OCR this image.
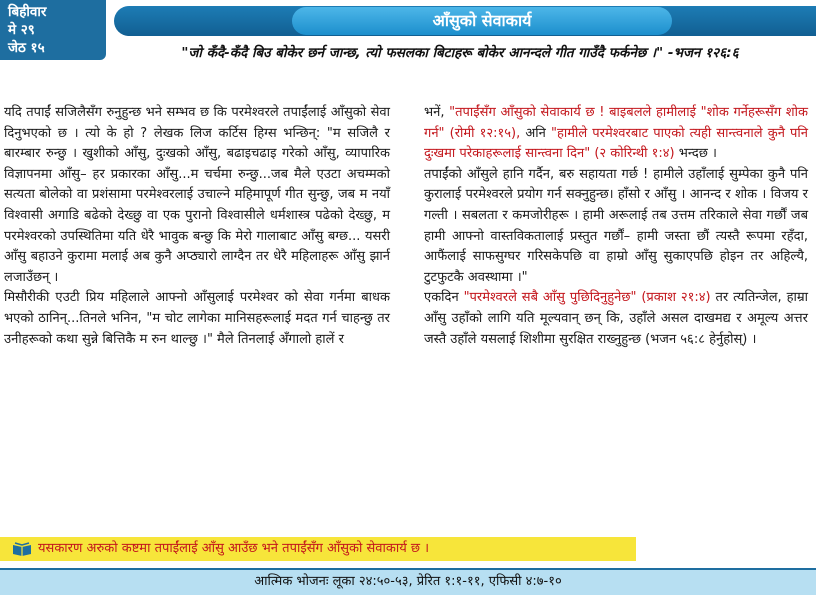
बिहीवार
मे २९
जेठ १५
आँसुको सेवाकार्य
"जो कँदै-कँदै बिउ बोकेर छर्न जान्छ, त्यो फसलका बिटाहरू बोकेर आनन्दले गीत गाउँदै फर्कनेछ ।" -भजन १२६:६

यदि तपाईं सजिलैसँग रुनुहुन्छ भने सम्भव छ कि परमेश्वरले तपाईंलाई आँसुको सेवा दिनुभएको छ । त्यो के हो ? लेखक लिज कर्टिस हिग्स भन्छिन्: "म सजिलै र बारम्बार रुन्छु । खुशीको आँसु, दुःखको आँसु, बढाइचढाइ गरेको आँसु, व्यापारिक विज्ञापनमा आँसु– हर प्रकारका आँसु...म चर्चमा रुन्छु...जब मैले एउटा अचम्मको सत्यता बोलेको वा प्रशंसामा परमेश्वरलाई उचाल्ने महिमापूर्ण गीत सुन्छु, जब म नयाँ विश्वासी अगाडि बढेको देख्छु वा एक पुरानो विश्वासीले धर्मशास्त्र पढेको देख्छु, म परमेश्वरको उपस्थितिमा यति धेरै भावुक बन्छु कि मेरो गालाबाट आँसु बग्छ... यसरी आँसु बहाउने कुरामा मलाई अब कुनै अप्ठ्यारो लाग्दैन तर धेरै महिलाहरू आँसु झार्न लजाउँछन् ।

मिसौरीकी एउटी प्रिय महिलाले आफ्नो आँसुलाई परमेश्वर को सेवा गर्नमा बाधक भएको ठानिन्...तिनले भनिन, "म चोट लागेका मानिसहरूलाई मदत गर्न चाहन्छु तर उनीहरूको कथा सुन्ने बित्तिकै म रुन थाल्छु ।" मैले तिनलाई अँगालो हालें र

भनें, "तपाईंसँग आँसुको सेवाकार्य छ ! बाइबलले हामीलाई "शोक गर्नेहरूसँग शोक गर्न" (रोमी १२:१५), अनि "हामीले परमेश्वरबाट पाएको त्यही सान्त्वनाले कुनै पनि दुःखमा परेकाहरूलाई सान्त्वना दिन" (२ कोरिन्थी १:४) भन्दछ ।

तपाईंको आँसुले हानि गर्दैन, बरु सहायता गर्छ ! हामीले उहाँलाई सुम्पेका कुनै पनि कुरालाई परमेश्वरले प्रयोग गर्न सक्नुहुन्छ। हाँसो र आँसु । आनन्द र शोक । विजय र गल्ती । सबलता र कमजोरीहरू । हामी अरूलाई तब उत्तम तरिकाले सेवा गर्छौं जब हामी आफ्नो वास्तविकतालाई प्रस्तुत गर्छौं– हामी जस्ता छौं त्यस्तै रूपमा रहँदा, आफैंलाई साफसुग्घर गरिसकेपछि वा हाम्रो आँसु सुकाएपछि होइन तर अहिल्यै, टुटफुटकै अवस्थामा ।"

एकदिन "परमेश्वरले सबै आँसु पुछिदिनुहुनेछ" (प्रकाश २१:४) तर त्यतिन्जेल, हाम्रा आँसु उहाँको लागि यति मूल्यवान् छन् कि, उहाँले असल दाखमद्य र अमूल्य अत्तर जस्तै उहाँले यसलाई शिशीमा सुरक्षित राख्नुहुन्छ (भजन ५६:८ हेर्नुहोस्) ।

यसकारण अरुको कष्टमा तपाईंलाई आँसु आउँछ भने तपाईंसँग आँसुको सेवाकार्य छ ।
आत्मिक भोजनः लूका २४:५०-५३, प्रेरित १:१-११, एफिसी ४:७-१०
